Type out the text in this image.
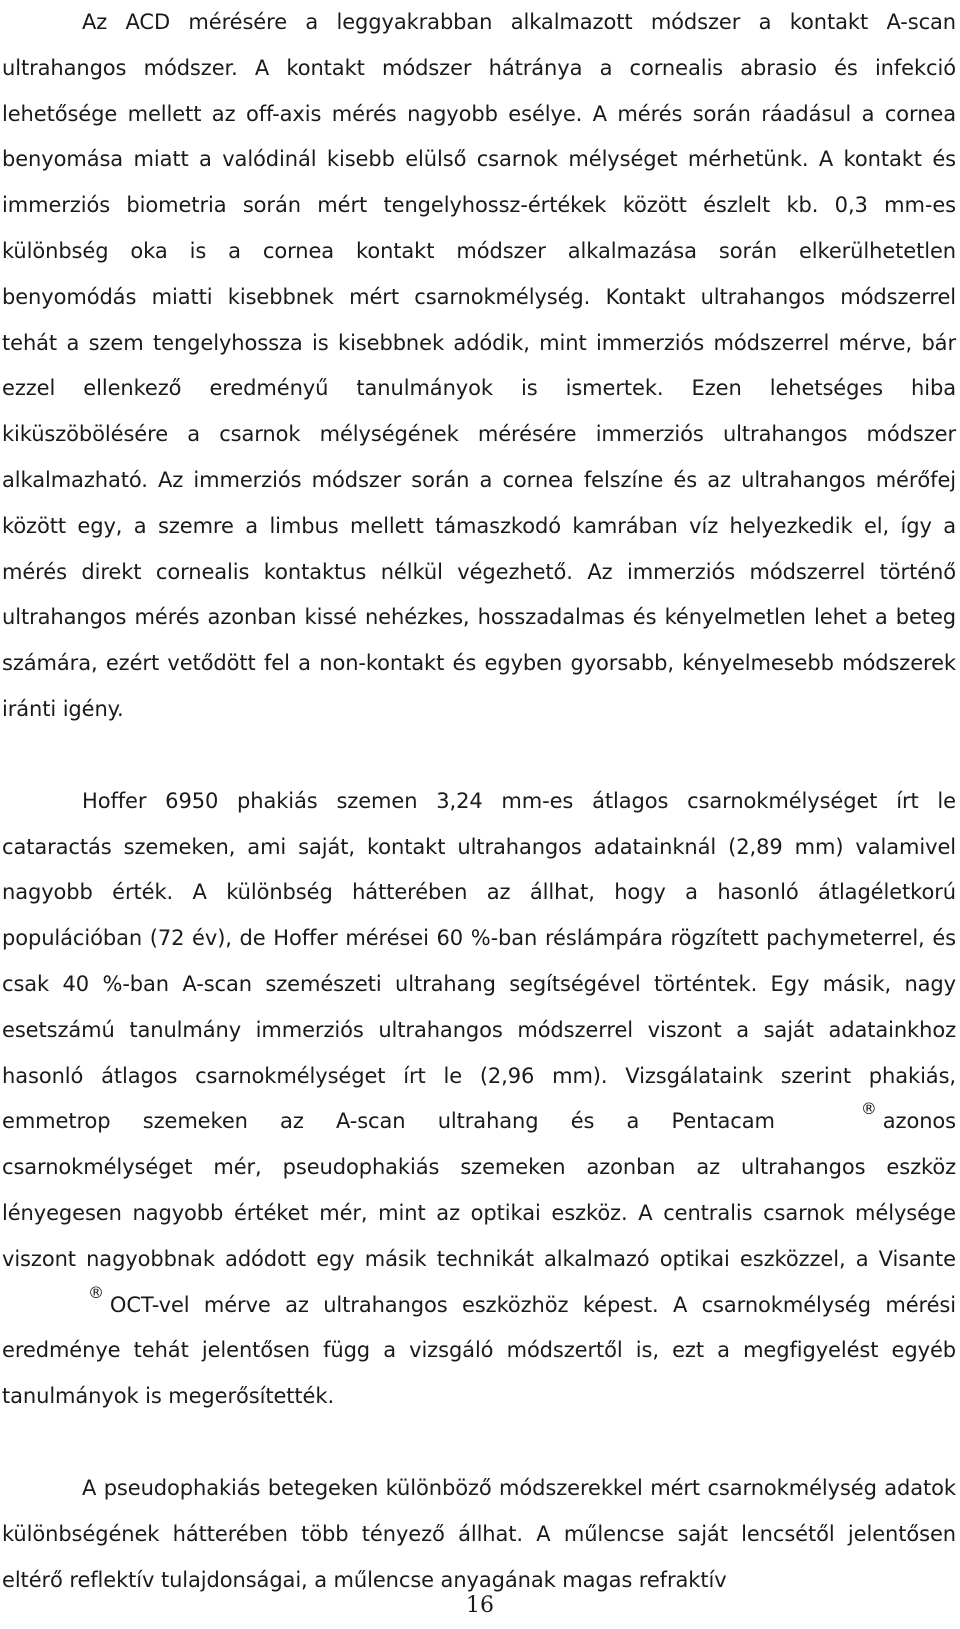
Az ACD mérésére a leggyakrabban alkalmazott módszer a kontakt A-scan ultrahangos módszer. A kontakt módszer hátránya a cornealis abrasio és infekció lehetősége mellett az off-axis mérés nagyobb esélye. A mérés során ráadásul a cornea benyomása miatt a valódinál kisebb elülső csarnok mélységet mérhetünk. A kontakt és immerziós biometria során mért tengelyhossz-értékek között észlelt kb. 0,3 mm-es különbség oka is a cornea kontakt módszer alkalmazása során elkerülhetetlen benyomódás miatti kisebbnek mért csarnokmélység. Kontakt ultrahangos módszerrel tehát a szem tengelyhossza is kisebbnek adódik, mint immerziós módszerrel mérve, bár ezzel ellenkező eredményű tanulmányok is ismertek. Ezen lehetséges hiba kiküszöbölésére a csarnok mélységének mérésére immerziós ultrahangos módszer alkalmazható. Az immerziós módszer során a cornea felszíne és az ultrahangos mérőfej között egy, a szemre a limbus mellett támaszkodó kamrában víz helyezkedik el, így a mérés direkt cornealis kontaktus nélkül végezhető. Az immerziós módszerrel történő ultrahangos mérés azonban kissé nehézkes, hosszadalmas és kényelmetlen lehet a beteg számára, ezért vetődött fel a non-kontakt és egyben gyorsabb, kényelmesebb módszerek iránti igény.

Hoffer 6950 phakiás szemen 3,24 mm-es átlagos csarnokmélységet írt le cataractás szemeken, ami saját, kontakt ultrahangos adatainknál (2,89 mm) valamivel nagyobb érték. A különbség hátterében az állhat, hogy a hasonló átlagéletkorú populációban (72 év), de Hoffer mérései 60 %-ban réslámpára rögzített pachymeterrel, és csak 40 %-ban A-scan szemészeti ultrahang segítségével történtek. Egy másik, nagy esetszámú tanulmány immerziós ultrahangos módszerrel viszont a saját adatainkhoz hasonló átlagos csarnokmélységet írt le (2,96 mm). Vizsgálataink szerint phakiás, emmetrop szemeken az A-scan ultrahang és a Pentacam®azonos csarnokmélységet mér, pseudophakiás szemeken azonban az ultrahangos eszköz lényegesen nagyobb értéket mér, mint az optikai eszköz. A centralis csarnok mélysége viszont nagyobbnak adódott egy másik technikát alkalmazó optikai eszközzel, a Visante®OCT-vel mérve az ultrahangos eszközhöz képest. A csarnokmélység mérési eredménye tehát jelentősen függ a vizsgáló módszertől is, ezt a megfigyelést egyéb tanulmányok is megerősítették.

A pseudophakiás betegeken különböző módszerekkel mért csarnokmélység adatok különbségének hátterében több tényező állhat. A műlencse saját lencsétől jelentősen eltérő reflektív tulajdonságai, a műlencse anyagának magas refraktív

16
